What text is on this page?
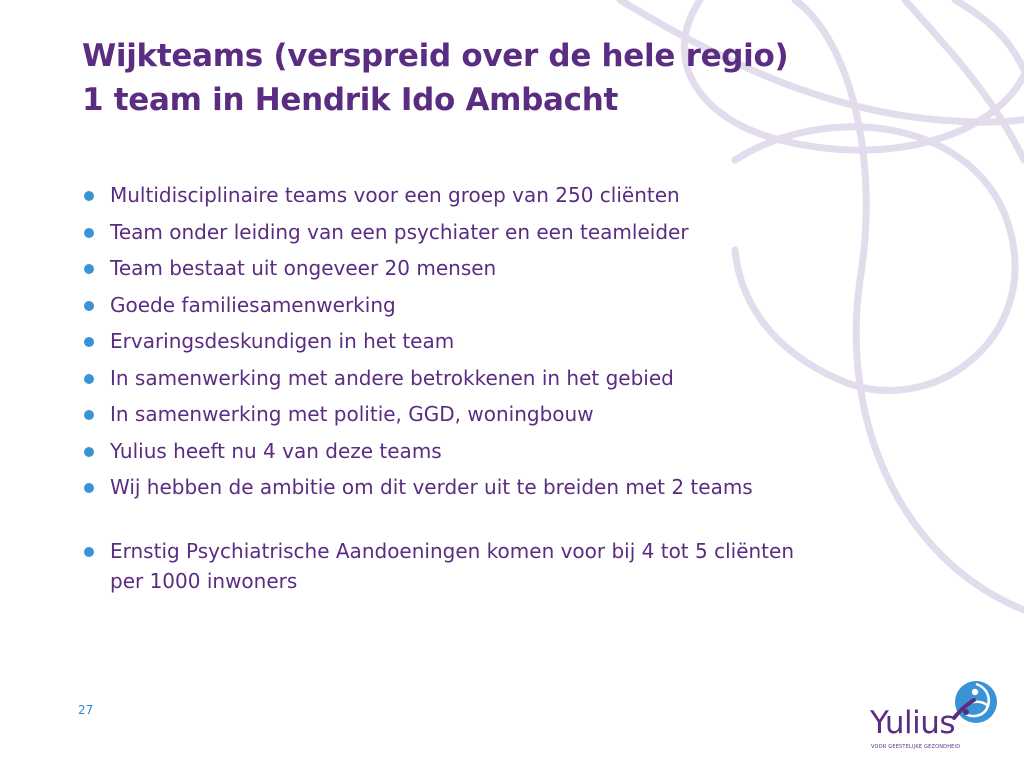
Wijkteams (verspreid over de hele regio)
1 team in Hendrik Ido Ambacht
Multidisciplinaire teams voor een groep van 250 cliënten
Team onder leiding van een psychiater en een teamleider
Team bestaat uit ongeveer 20 mensen
Goede familiesamenwerking
Ervaringsdeskundigen in het team
In samenwerking met andere betrokkenen in het gebied
In samenwerking met politie, GGD, woningbouw
Yulius heeft nu 4 van deze teams
Wij hebben de ambitie om dit verder uit te breiden met 2 teams
Ernstig Psychiatrische Aandoeningen komen voor bij 4 tot 5 cliënten per 1000 inwoners
27	Yulius
VOOR GEESTELIJKE GEZONDHEID
